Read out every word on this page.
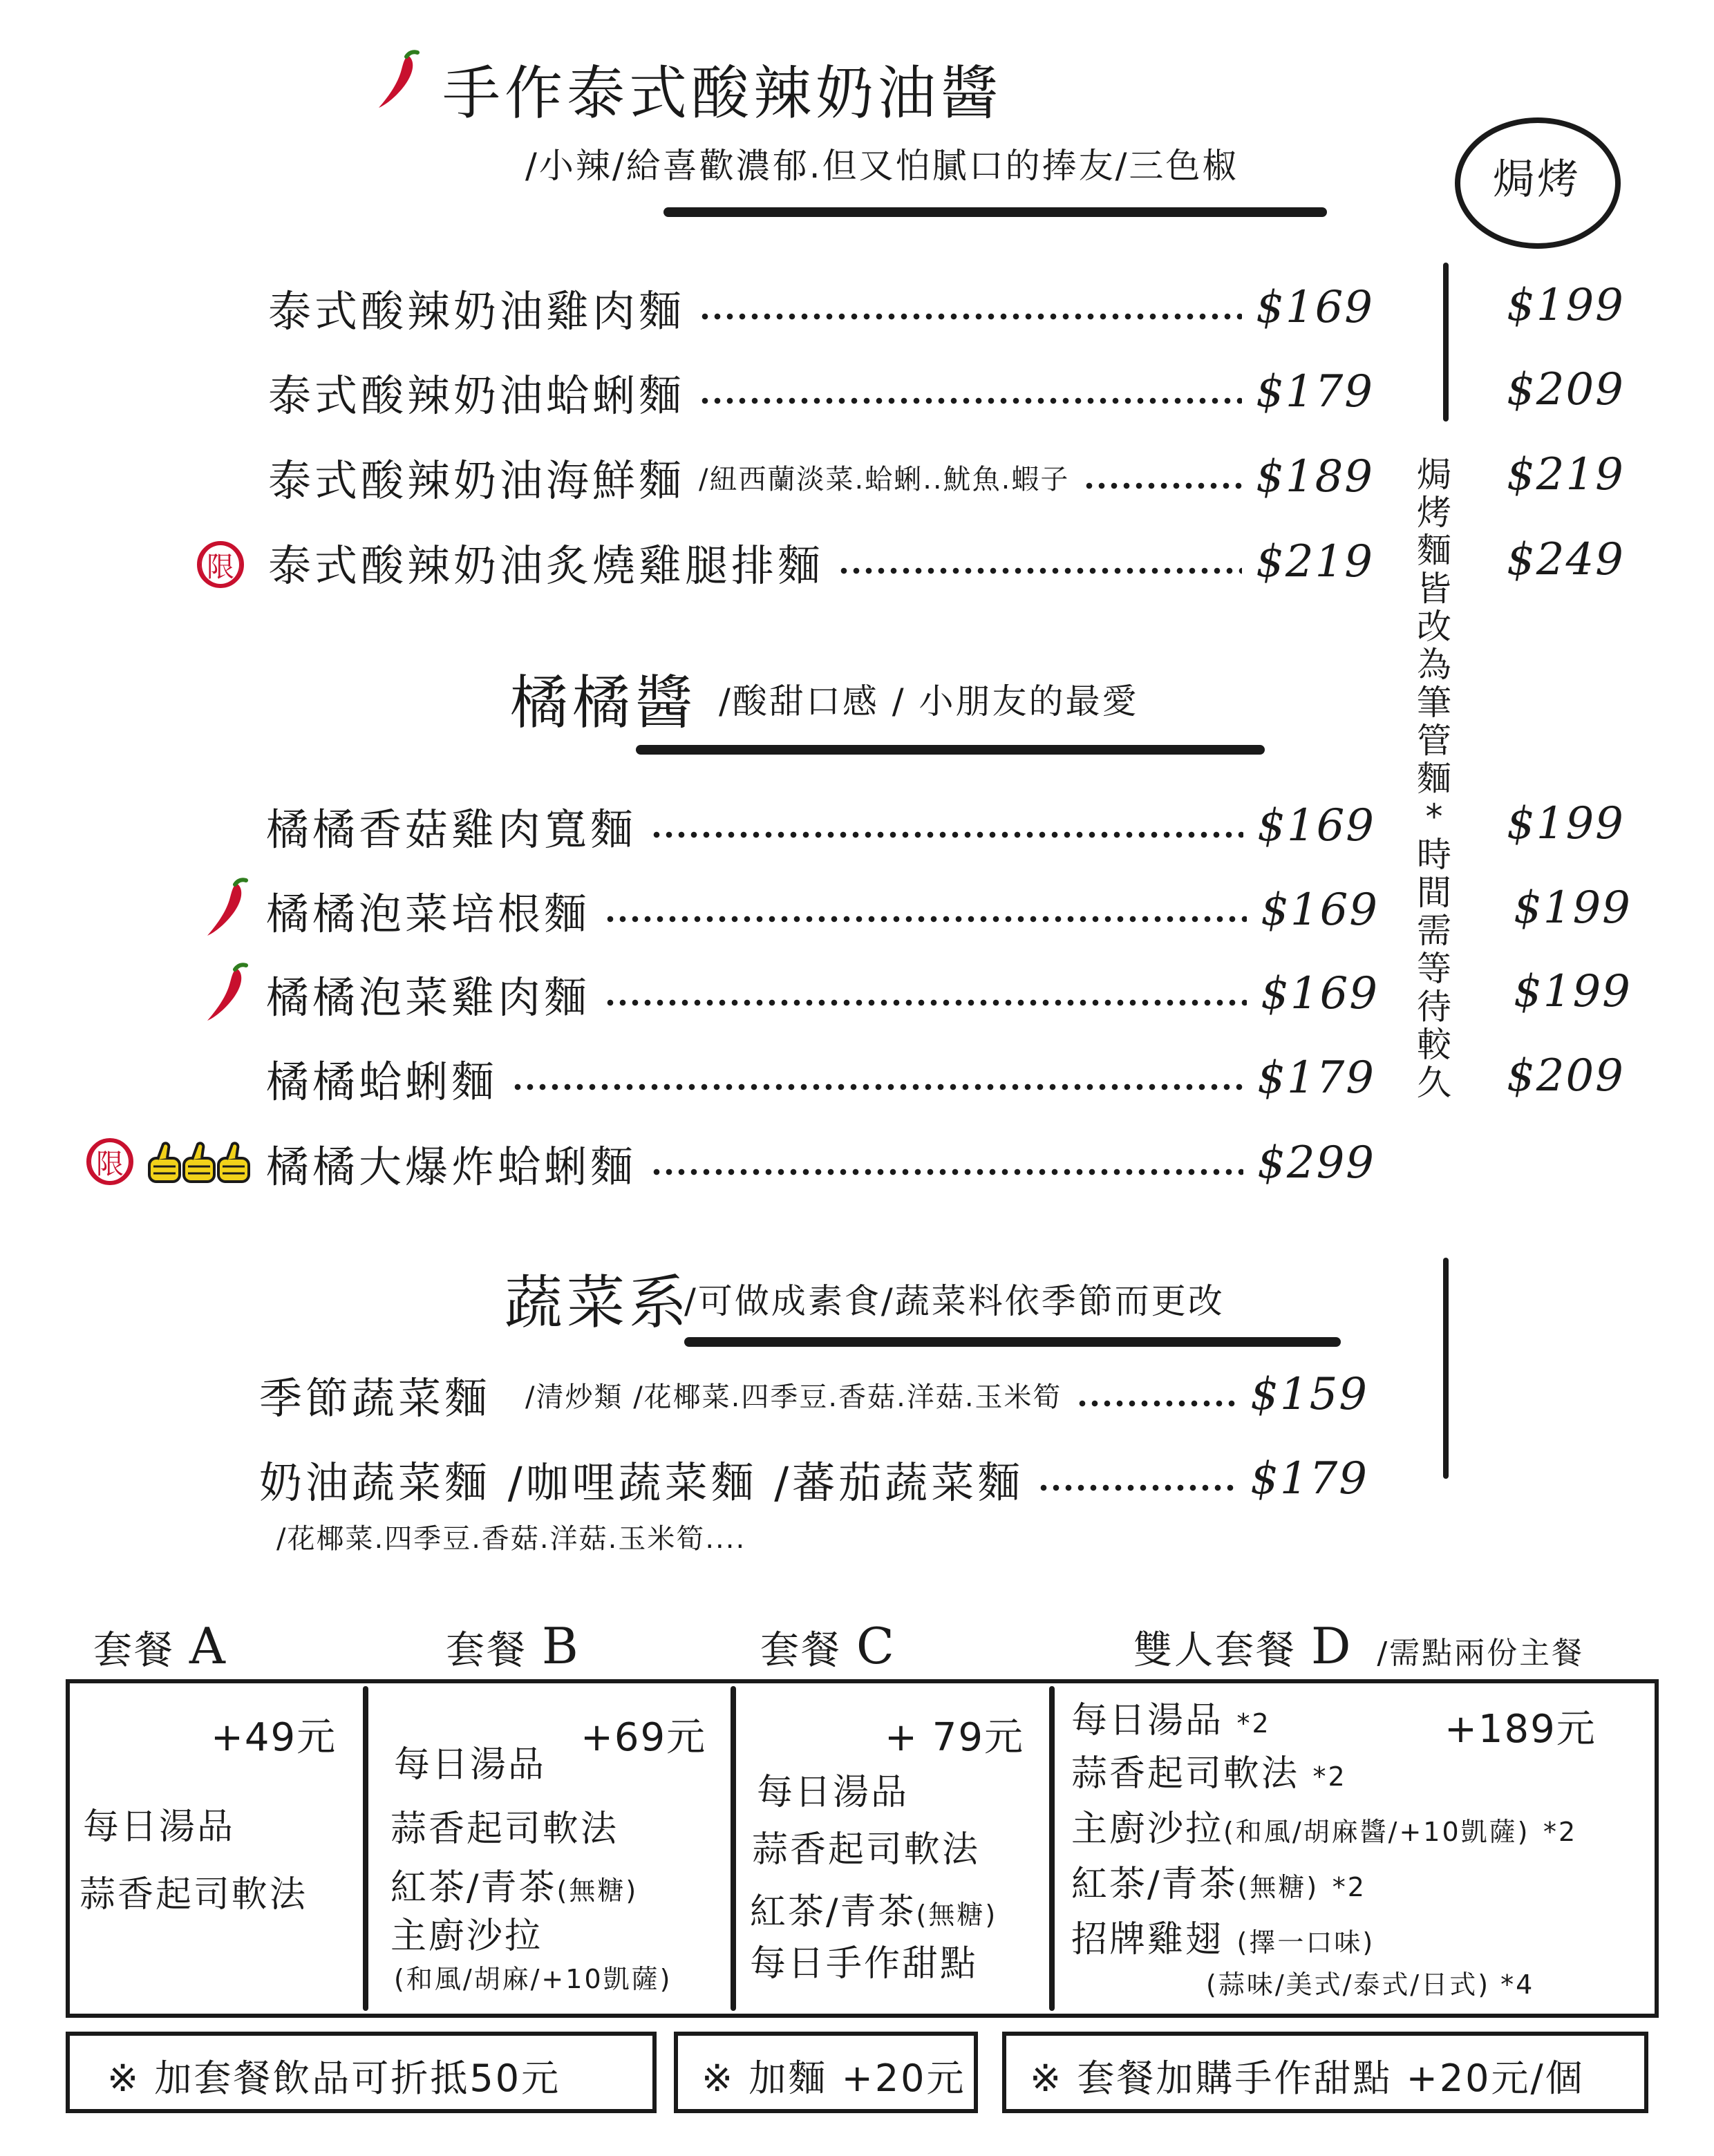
手作泰式酸辣奶油醬
/小辣/給喜歡濃郁.但又怕膩口的捧友/三色椒	焗烤
泰式酸辣奶油雞肉麵	$169	$199
泰式酸辣奶油蛤蜊麵	$179	$209
泰式酸辣奶油海鮮麵 /紐西蘭淡菜.蛤蜊..魷魚.蝦子	$189	$219
限 泰式酸辣奶油炙燒雞腿排麵	$219	$249
焗
烤
麵
皆
改
為
筆
管
麵
*
時
間
需
等
待
較
久
橘橘醬 /酸甜口感 / 小朋友的最愛
橘橘香菇雞肉寬麵	$169	$199
橘橘泡菜培根麵	$169	$199
橘橘泡菜雞肉麵	$169	$199
橘橘蛤蜊麵	$179	$209
限	橘橘大爆炸蛤蜊麵	$299
蔬菜系
/可做成素食/蔬菜料依季節而更改
季節蔬菜麵 /清炒類 /花椰菜.四季豆.香菇.洋菇.玉米筍	$159
奶油蔬菜麵 /咖哩蔬菜麵 /蕃茄蔬菜麵	$179
/花椰菜.四季豆.香菇.洋菇.玉米筍....
套餐 A	套餐 B	套餐 C	雙人套餐 D /需點兩份主餐
+49元
每日湯品
蒜香起司軟法
+69元
每日湯品
蒜香起司軟法
紅茶/青茶(無糖)
主廚沙拉
(和風/胡麻/+10凱薩)
+ 79元
每日湯品
蒜香起司軟法
紅茶/青茶(無糖)
每日手作甜點
+189元
每日湯品 *2
蒜香起司軟法 *2
主廚沙拉(和風/胡麻醬/+10凱薩) *2
紅茶/青茶(無糖) *2
招牌雞翅 (擇一口味)
(蒜味/美式/泰式/日式) *4
※ 加套餐飲品可折抵50元	※ 加麵 +20元 ※ 套餐加購手作甜點 +20元/個
